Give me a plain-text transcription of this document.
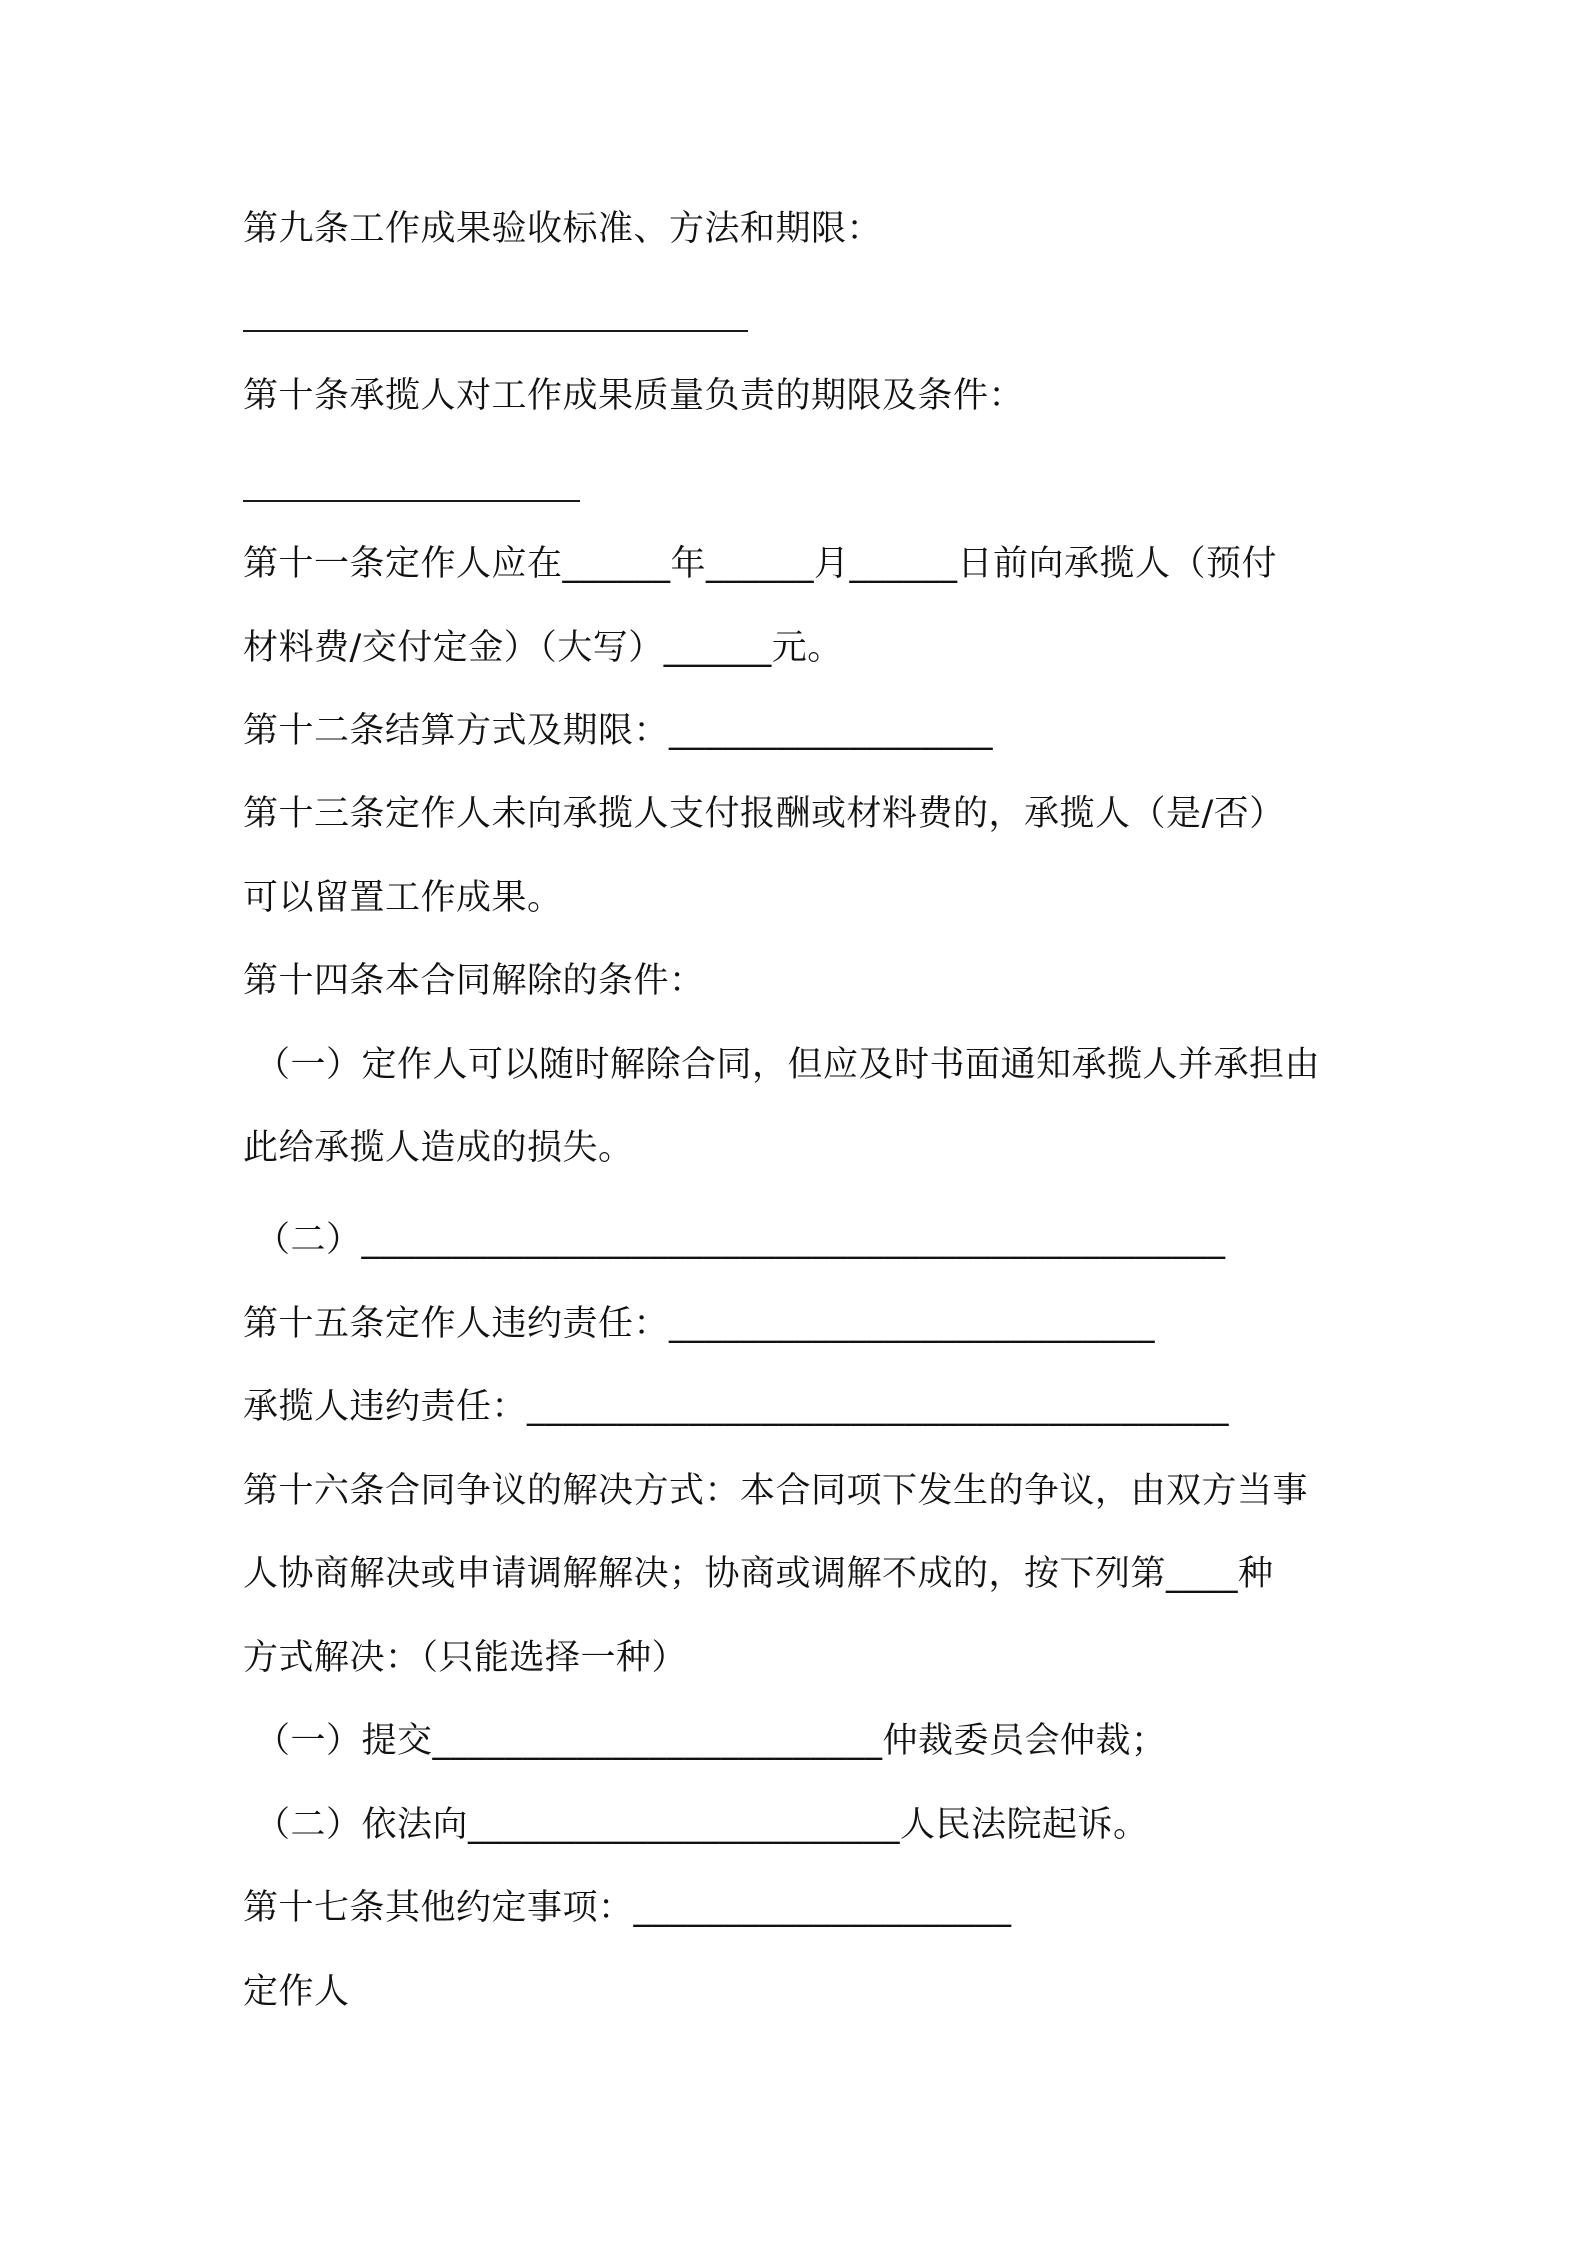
第九条工作成果验收标准、方法和期限：
第十条承揽人对工作成果质量负责的期限及条件：
第十一条定作人应在______年______月______日前向承揽人（预付
材料费/交付定金）（大写）______元。
第十二条结算方式及期限：__________________
第十三条定作人未向承揽人支付报酬或材料费的，承揽人（是/否）
可以留置工作成果。
第十四条本合同解除的条件：
（一）定作人可以随时解除合同，但应及时书面通知承揽人并承担由
此给承揽人造成的损失。
（二）________________________________________________
第十五条定作人违约责任：___________________________
承揽人违约责任：_______________________________________
第十六条合同争议的解决方式：本合同项下发生的争议，由双方当事
人协商解决或申请调解解决；协商或调解不成的，按下列第____种
方式解决：（只能选择一种）
（一）提交_________________________仲裁委员会仲裁；
（二）依法向________________________人民法院起诉。
第十七条其他约定事项：_____________________
定作人
